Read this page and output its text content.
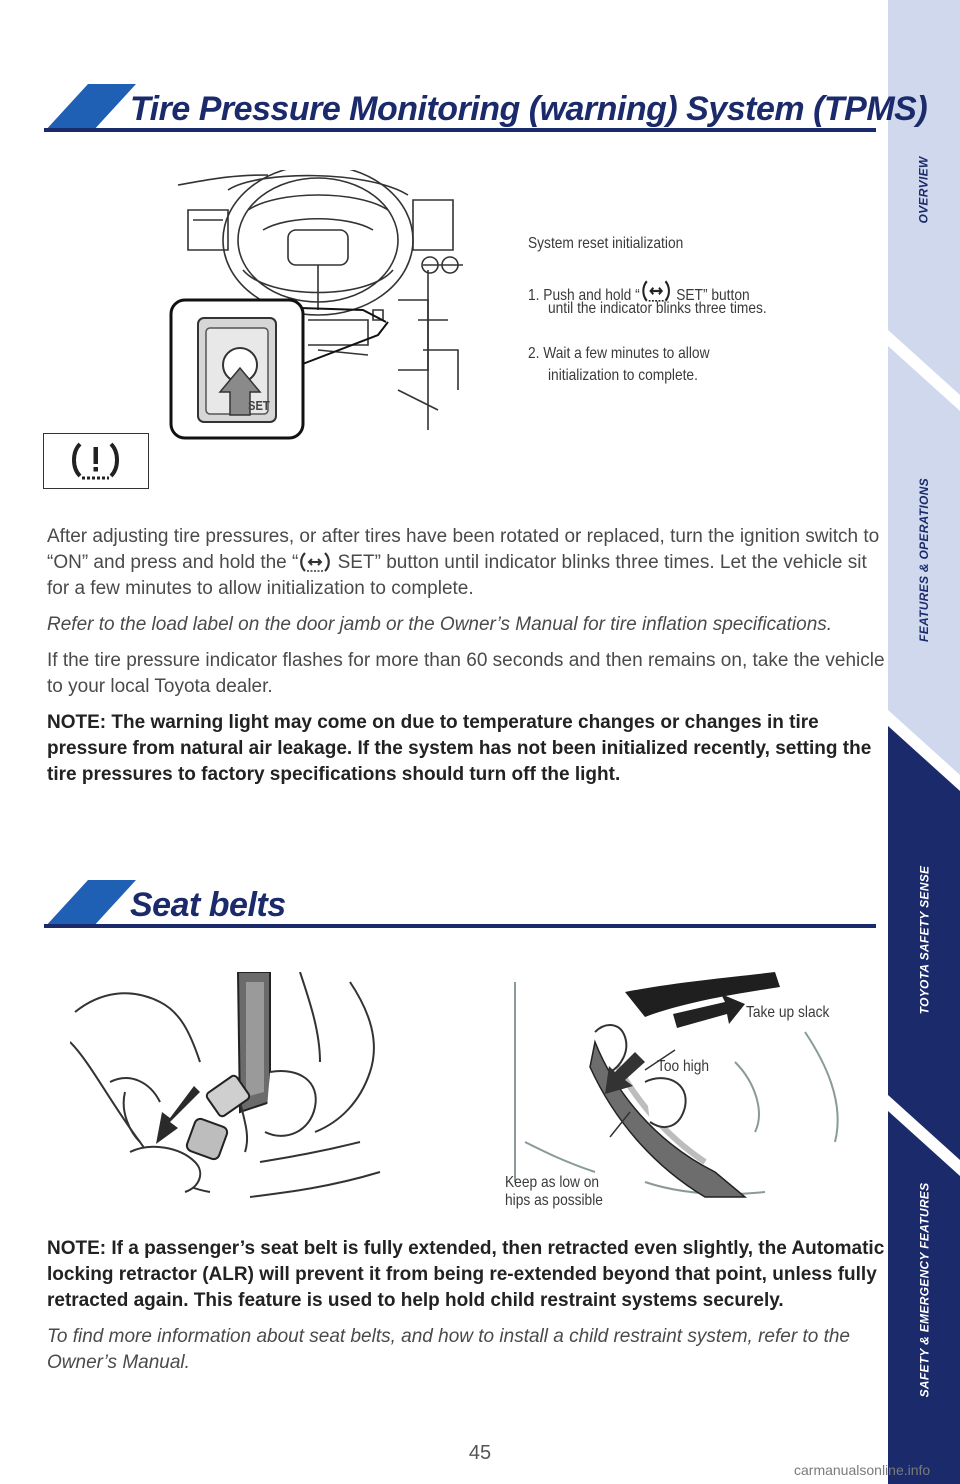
OVERVIEW
FEATURES & OPERATIONS
TOYOTA SAFETY SENSE
SAFETY & EMERGENCY FEATURES
Tire Pressure Monitoring (warning) System (TPMS)
SET
System reset initialization
1. Push and hold “ SET” button
until the indicator blinks three times.
2. Wait a few minutes to allow
initialization to complete.

After adjusting tire pressures, or after tires have been rotated or replaced, turn the ignition switch to “ON” and press and hold the “ SET” button until indicator blinks three times. Let the vehicle sit for a few minutes to allow initialization to complete.

Refer to the load label on the door jamb or the Owner’s Manual for tire inflation specifications.

If the tire pressure indicator flashes for more than 60 seconds and then remains on, take the vehicle to your local Toyota dealer.

NOTE: The warning light may come on due to temperature changes or changes in tire pressure from natural air leakage. If the system has not been initialized recently, setting the tire pressures to factory specifications should turn off the light.

Seat belts
Take up slack
Too high
Keep as low on
hips as possible

NOTE: If a passenger’s seat belt is fully extended, then retracted even slightly, the Automatic locking retractor (ALR) will prevent it from being re-extended beyond that point, unless fully retracted again. This feature is used to help hold child restraint systems securely.

To find more information about seat belts, and how to install a child restraint system, refer to the Owner’s Manual.

45
carmanualsonline.info
